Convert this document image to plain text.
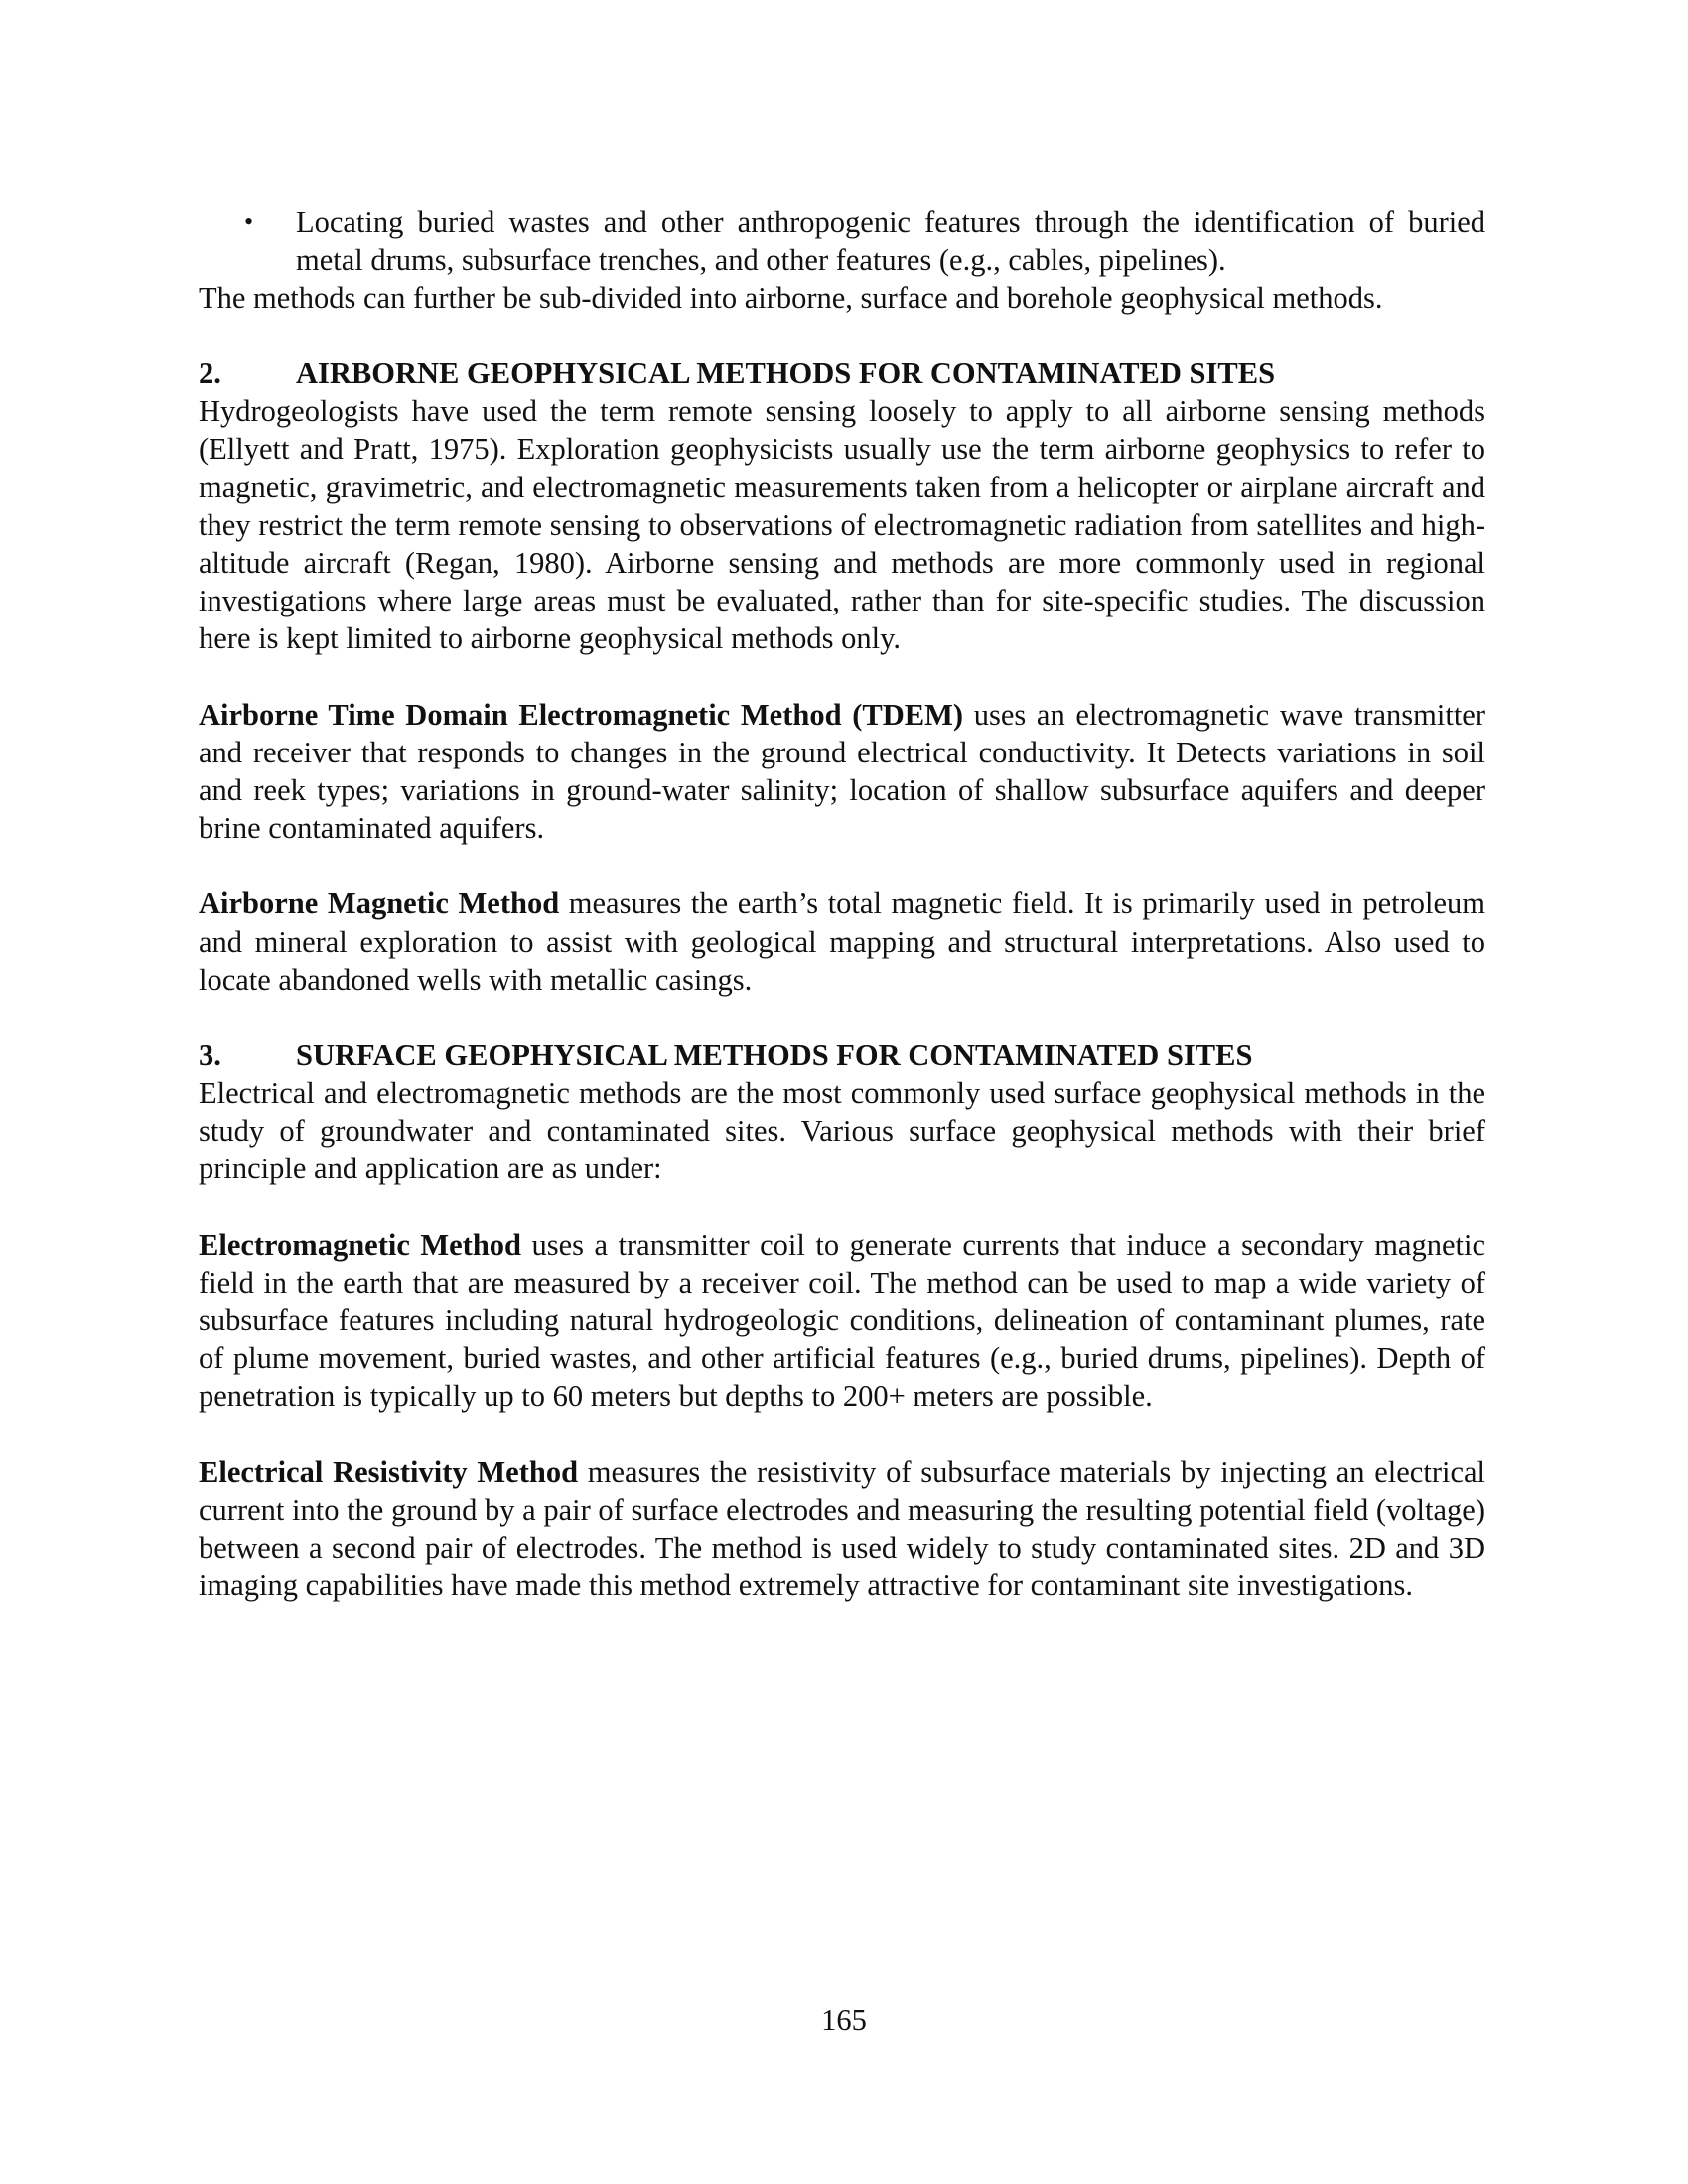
• Locating buried wastes and other anthropogenic features through the identification of buried metal drums, subsurface trenches, and other features (e.g., cables, pipelines).

The methods can further be sub-divided into airborne, surface and borehole geophysical methods.

2.	AIRBORNE GEOPHYSICAL METHODS FOR CONTAMINATED SITES

Hydrogeologists have used the term remote sensing loosely to apply to all airborne sensing methods (Ellyett and Pratt, 1975). Exploration geophysicists usually use the term airborne geophysics to refer to magnetic, gravimetric, and electromagnetic measurements taken from a helicopter or airplane aircraft and they restrict the term remote sensing to observations of electromagnetic radiation from satellites and high-altitude aircraft (Regan, 1980). Airborne sensing and methods are more commonly used in regional investigations where large areas must be evaluated, rather than for site-specific studies. The discussion here is kept limited to airborne geophysical methods only.

Airborne Time Domain Electromagnetic Method (TDEM) uses an electromagnetic wave transmitter and receiver that responds to changes in the ground electrical conductivity. It Detects variations in soil and reek types; variations in ground-water salinity; location of shallow subsurface aquifers and deeper brine contaminated aquifers.

Airborne Magnetic Method measures the earth’s total magnetic field. It is primarily used in petroleum and mineral exploration to assist with geological mapping and structural interpretations. Also used to locate abandoned wells with metallic casings.

3.	SURFACE GEOPHYSICAL METHODS FOR CONTAMINATED SITES

Electrical and electromagnetic methods are the most commonly used surface geophysical methods in the study of groundwater and contaminated sites. Various surface geophysical methods with their brief principle and application are as under:

Electromagnetic Method uses a transmitter coil to generate currents that induce a secondary magnetic field in the earth that are measured by a receiver coil. The method can be used to map a wide variety of subsurface features including natural hydrogeologic conditions, delineation of contaminant plumes, rate of plume movement, buried wastes, and other artificial features (e.g., buried drums, pipelines). Depth of penetration is typically up to 60 meters but depths to 200+ meters are possible.

Electrical Resistivity Method measures the resistivity of subsurface materials by injecting an electrical current into the ground by a pair of surface electrodes and measuring the resulting potential field (voltage) between a second pair of electrodes. The method is used widely to study contaminated sites. 2D and 3D imaging capabilities have made this method extremely attractive for contaminant site investigations.

165
